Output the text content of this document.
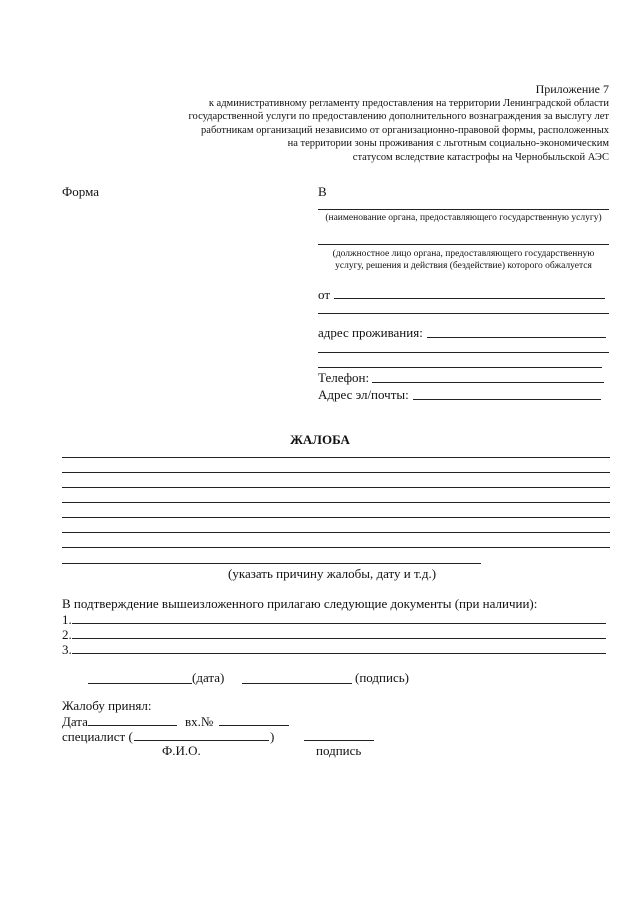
Приложение 7
к административному регламенту предоставления на территории Ленинградской области
государственной услуги по предоставлению дополнительного вознаграждения за выслугу лет
работникам организаций независимо от организационно-правовой формы, расположенных
на территории зоны проживания с льготным социально-экономическим
статусом вследствие катастрофы на Чернобыльской АЭС
Форма	В
(наименование органа, предоставляющего государственную услугу)
(должностное лицо органа, предоставляющего государственную
услугу, решения и действия (бездействие) которого обжалуется
от
адрес проживания:
Телефон:
Адрес эл/почты:
ЖАЛОБА
(указать причину жалобы, дату и т.д.)
В подтверждение вышеизложенного прилагаю следующие документы (при наличии):
1.
2.
3.
(дата)	(подпись)
Жалобу принял:
Дата	вх.№
специалист (	)
Ф.И.О.	подпись
